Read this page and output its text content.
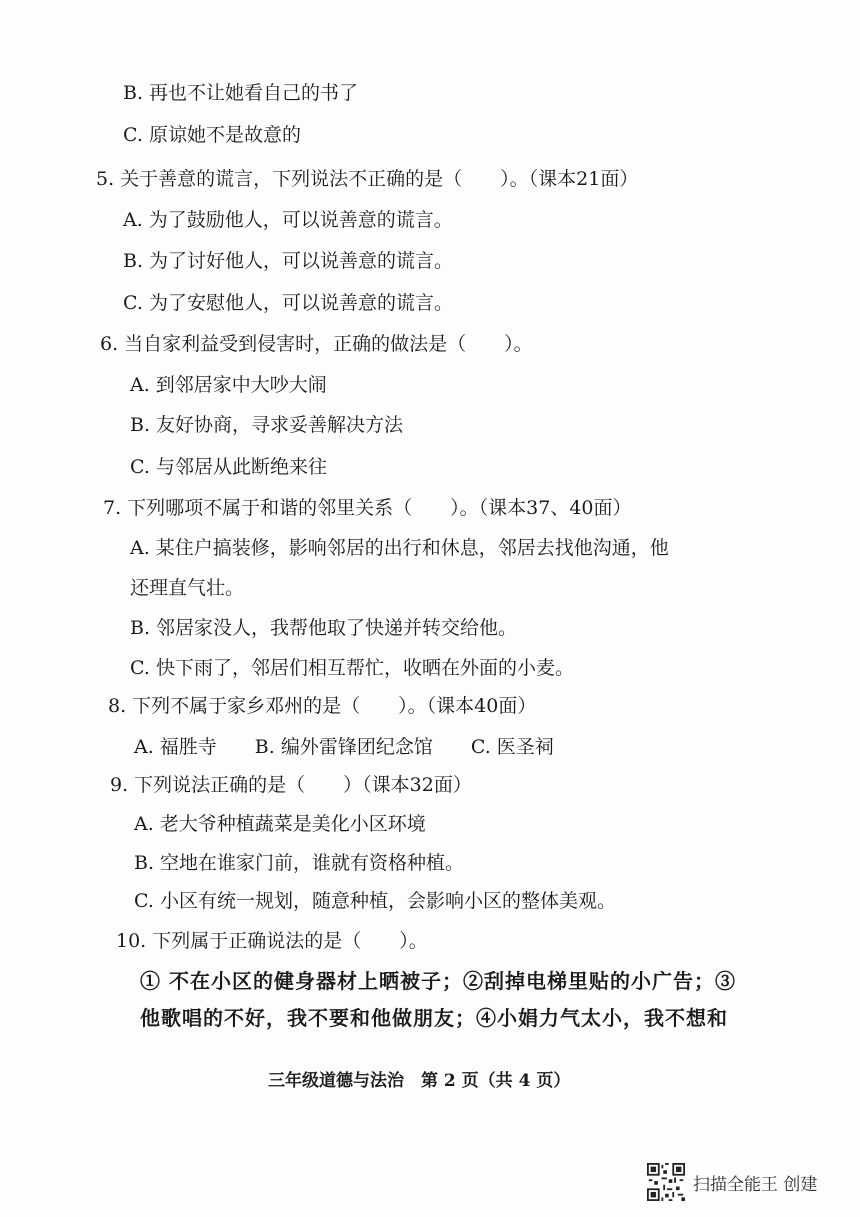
B. 再也不让她看自己的书了
C. 原谅她不是故意的
5. 关于善意的谎言，下列说法不正确的是（　　）。（课本21面）
A. 为了鼓励他人，可以说善意的谎言。
B. 为了讨好他人，可以说善意的谎言。
C. 为了安慰他人，可以说善意的谎言。
6. 当自家利益受到侵害时，正确的做法是（　　）。
A. 到邻居家中大吵大闹
B. 友好协商，寻求妥善解决方法
C. 与邻居从此断绝来往
7. 下列哪项不属于和谐的邻里关系（　　）。（课本37、40面）
A. 某住户搞装修，影响邻居的出行和休息，邻居去找他沟通，他
还理直气壮。
B. 邻居家没人，我帮他取了快递并转交给他。
C. 快下雨了，邻居们相互帮忙，收晒在外面的小麦。
8. 下列不属于家乡邓州的是（　　）。（课本40面）
A. 福胜寺　　B. 编外雷锋团纪念馆　　C. 医圣祠
9. 下列说法正确的是（　　）（课本32面）
A. 老大爷种植蔬菜是美化小区环境
B. 空地在谁家门前，谁就有资格种植。
C. 小区有统一规划，随意种植，会影响小区的整体美观。
10. 下列属于正确说法的是（　　）。
① 不在小区的健身器材上晒被子；②刮掉电梯里贴的小广告；③
他歌唱的不好，我不要和他做朋友；④小娟力气太小，我不想和
三年级道德与法治　第 2 页（共 4 页）
扫描全能王 创建
